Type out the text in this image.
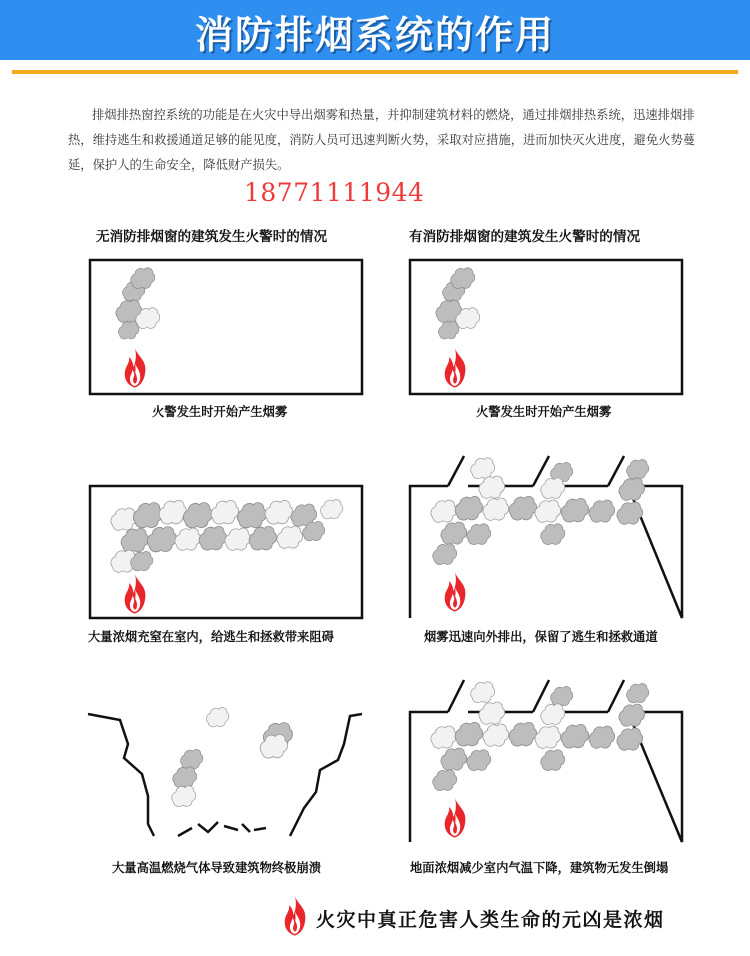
消防排烟系统的作用

排烟排热窗控系统的功能是在火灾中导出烟雾和热量，并抑制建筑材料的燃烧，通过排烟排热系统，迅速排烟排热，维持逃生和救援通道足够的能见度，消防人员可迅速判断火势，采取对应措施，进而加快灭火进度，避免火势蔓延，保护人的生命安全，降低财产损失。

18771111944
无消防排烟窗的建筑发生火警时的情况	有消防排烟窗的建筑发生火警时的情况
火警发生时开始产生烟雾	火警发生时开始产生烟雾
大量浓烟充窒在室内，给逃生和拯救带来阻碍	烟雾迅速向外排出，保留了逃生和拯救通道
大量高温燃烧气体导致建筑物终极崩溃	地面浓烟减少室内气温下降，建筑物无发生倒塌
火灾中真正危害人类生命的元凶是浓烟
